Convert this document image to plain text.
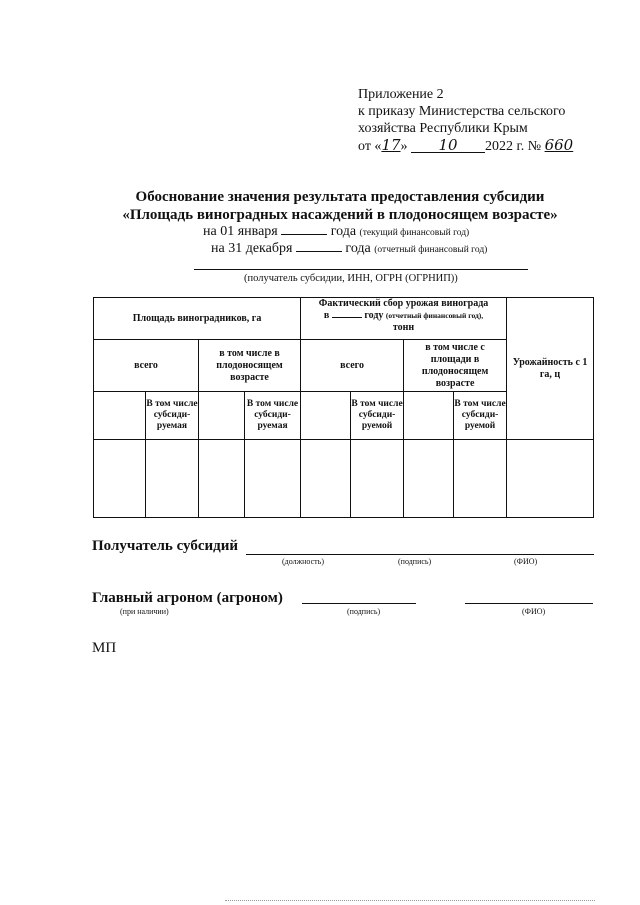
Приложение 2
к приказу Министерства сельского
хозяйства Республики Крым
от «17» 10 2022 г. № 660
Обоснование значения результата предоставления субсидии
«Площадь виноградных насаждений в плодоносящем возрасте»
на 01 января	года (текущий финансовый год)
на 31 декабря	года (отчетный финансовый год)
(получатель субсидии, ИНН, ОГРН (ОГРНИП))
Площадь виноградников, га				Фактический сбор урожая винограда
в году (отчетный финансовый год),
тонн				Урожайность с 1 га, ц
всего		в том числе в плодоносящем возрасте		всего		в том числе с площади в плодоносящем возрасте		
	В том числе субсиди-руемая		В том числе субсиди-руемая		В том числе субсиди-руемой		В том числе субсиди-руемой	

Получатель субсидий
(должность)	(подпись)	(ФИО)
Главный агроном (агроном)
(при наличии)	(подпись)	(ФИО)
МП
